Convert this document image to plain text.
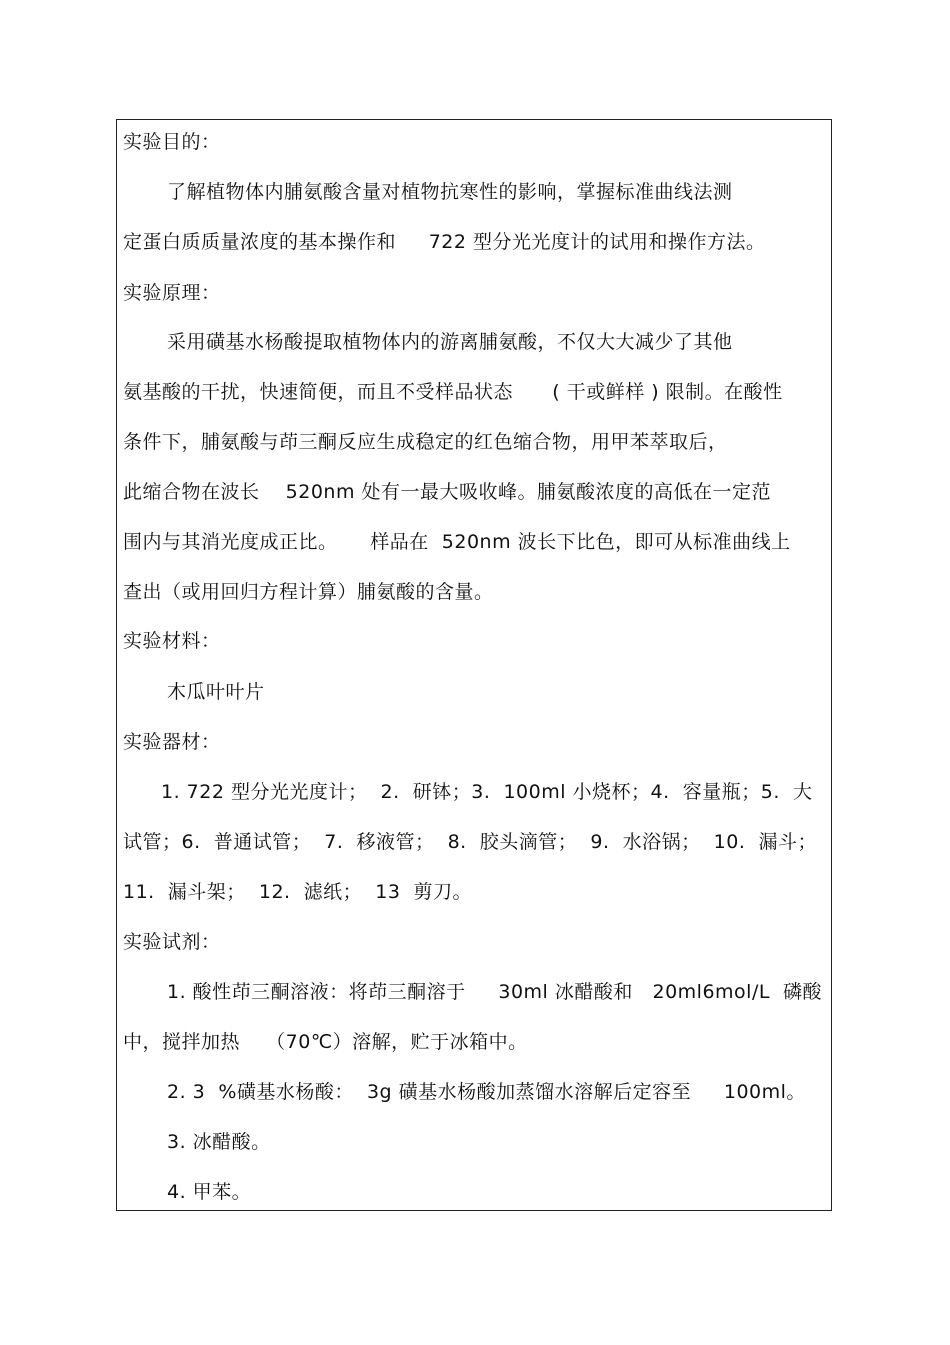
实验目的：
了解植物体内脯氨酸含量对植物抗寒性的影响，掌握标准曲线法测
定蛋白质质量浓度的基本操作和     722 型分光光度计的试用和操作方法。
实验原理：
采用磺基水杨酸提取植物体内的游离脯氨酸，不仅大大减少了其他
氨基酸的干扰，快速简便，而且不受样品状态      ( 干或鲜样 ) 限制。在酸性
条件下，脯氨酸与茚三酮反应生成稳定的红色缩合物，用甲苯萃取后，
此缩合物在波长    520nm 处有一最大吸收峰。脯氨酸浓度的高低在一定范
围内与其消光度成正比。     样品在  520nm 波长下比色，即可从标准曲线上
查出（或用回归方程计算）脯氨酸的含量。
实验材料：
木瓜叶叶片
实验器材：
1. 722 型分光光度计；  2.  研钵；3.  100ml 小烧杯；4.  容量瓶；5.  大
试管；6.  普通试管；  7.  移液管；  8.  胶头滴管；  9.  水浴锅；  10.  漏斗；
11.  漏斗架；  12.  滤纸；  13  剪刀。
实验试剂：
1. 酸性茚三酮溶液：将茚三酮溶于     30ml 冰醋酸和   20ml6mol/L  磷酸
中，搅拌加热    （70℃）溶解，贮于冰箱中。
2. 3  %磺基水杨酸：  3g 磺基水杨酸加蒸馏水溶解后定容至     100ml。
3. 冰醋酸。
4. 甲苯。
